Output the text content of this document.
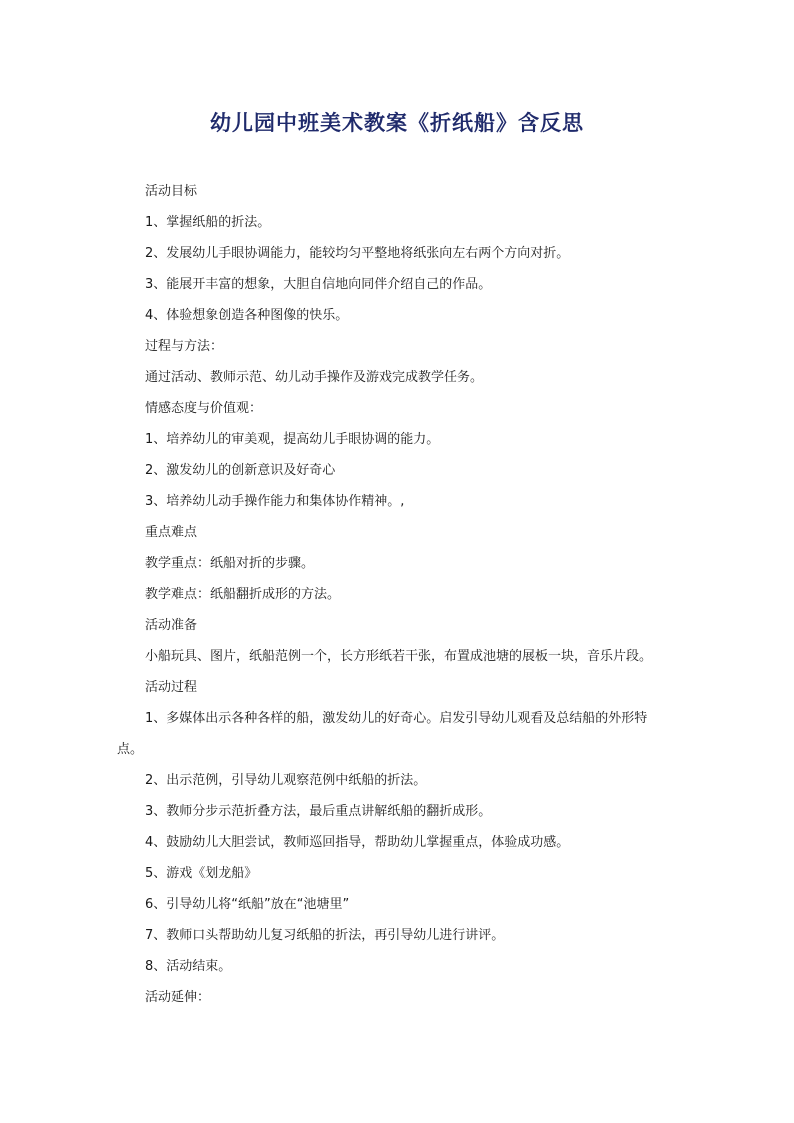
幼儿园中班美术教案《折纸船》含反思

活动目标

1、掌握纸船的折法。

2、发展幼儿手眼协调能力，能较均匀平整地将纸张向左右两个方向对折。

3、能展开丰富的想象，大胆自信地向同伴介绍自己的作品。

4、体验想象创造各种图像的快乐。

过程与方法：

通过活动、教师示范、幼儿动手操作及游戏完成教学任务。

情感态度与价值观：

1、培养幼儿的审美观，提高幼儿手眼协调的能力。

2、激发幼儿的创新意识及好奇心

3、培养幼儿动手操作能力和集体协作精神。,

重点难点

教学重点：纸船对折的步骤。

教学难点：纸船翻折成形的方法。

活动准备

小船玩具、图片，纸船范例一个，长方形纸若干张，布置成池塘的展板一块，音乐片段。

活动过程

1、多媒体出示各种各样的船，激发幼儿的好奇心。启发引导幼儿观看及总结船的外形特
点。

2、出示范例，引导幼儿观察范例中纸船的折法。

3、教师分步示范折叠方法，最后重点讲解纸船的翻折成形。

4、鼓励幼儿大胆尝试，教师巡回指导，帮助幼儿掌握重点，体验成功感。

5、游戏《划龙船》

6、引导幼儿将“纸船”放在“池塘里”

7、教师口头帮助幼儿复习纸船的折法，再引导幼儿进行讲评。

8、活动结束。

活动延伸：
